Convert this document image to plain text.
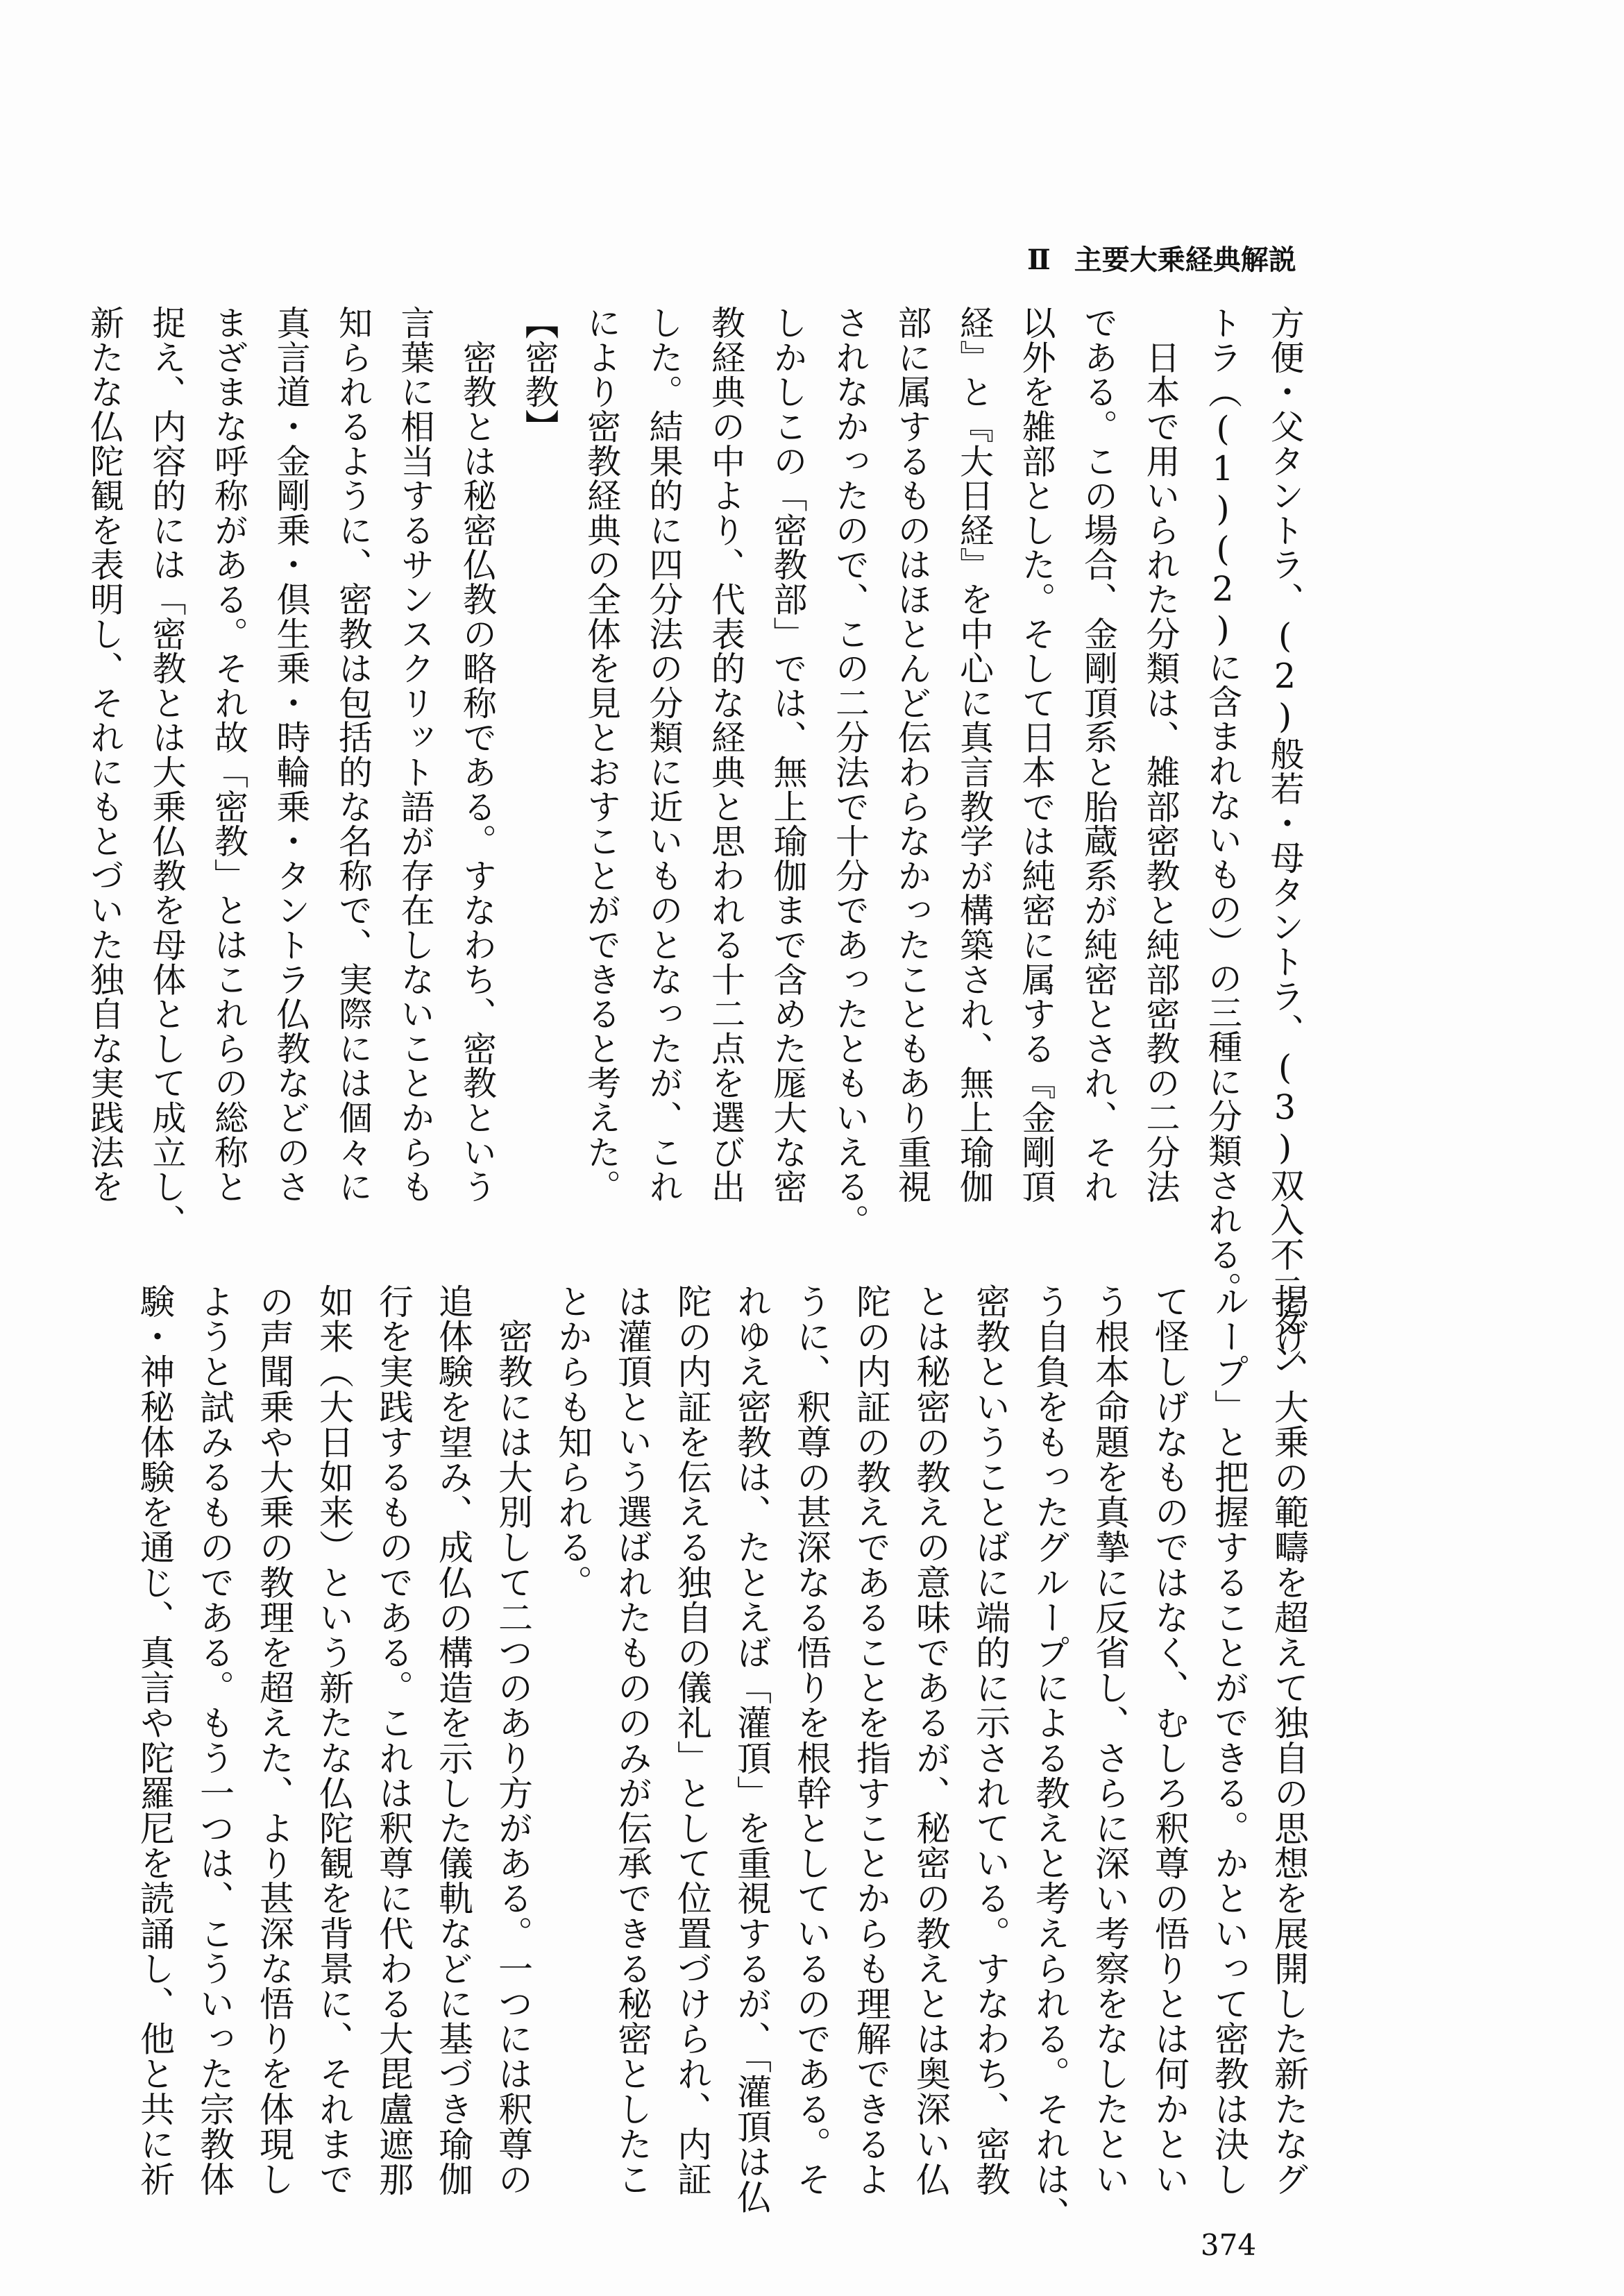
Ⅱ 主要大乗経典解説
方便・父タントラ、(2)般若・母タントラ、(3)双入不二タン
トラ（(1)(2)に含まれないもの）の三種に分類される。
　日本で用いられた分類は、雑部密教と純部密教の二分法
である。この場合、金剛頂系と胎蔵系が純密とされ、それ
以外を雑部とした。そして日本では純密に属する『金剛頂
経』と『大日経』を中心に真言教学が構築され、無上瑜伽
部に属するものはほとんど伝わらなかったこともあり重視
されなかったので、この二分法で十分であったともいえる。
しかしこの「密教部」では、無上瑜伽まで含めた厖大な密
教経典の中より、代表的な経典と思われる十二点を選び出
した。結果的に四分法の分類に近いものとなったが、これ
により密教経典の全体を見とおすことができると考えた。
【密教】
　密教とは秘密仏教の略称である。すなわち、密教という
言葉に相当するサンスクリット語が存在しないことからも
知られるように、密教は包括的な名称で、実際には個々に
真言道・金剛乗・倶生乗・時輪乗・タントラ仏教などのさ
まざまな呼称がある。それ故「密教」とはこれらの総称と
捉え、内容的には「密教とは大乗仏教を母体として成立し、
新たな仏陀観を表明し、それにもとづいた独自な実践法を
掲げ、大乗の範疇を超えて独自の思想を展開した新たなグ
ループ」と把握することができる。かといって密教は決し
て怪しげなものではなく、むしろ釈尊の悟りとは何かとい
う根本命題を真摯に反省し、さらに深い考察をなしたとい
う自負をもったグループによる教えと考えられる。それは、
密教ということばに端的に示されている。すなわち、密教
とは秘密の教えの意味であるが、秘密の教えとは奥深い仏
陀の内証の教えであることを指すことからも理解できるよ
うに、釈尊の甚深なる悟りを根幹としているのである。そ
れゆえ密教は、たとえば「灌頂」を重視するが、「灌頂は仏
陀の内証を伝える独自の儀礼」として位置づけられ、内証
は灌頂という選ばれたもののみが伝承できる秘密としたこ
とからも知られる。
　密教には大別して二つのあり方がある。一つには釈尊の
追体験を望み、成仏の構造を示した儀軌などに基づき瑜伽
行を実践するものである。これは釈尊に代わる大毘盧遮那
如来（大日如来）という新たな仏陀観を背景に、それまで
の声聞乗や大乗の教理を超えた、より甚深な悟りを体現し
ようと試みるものである。もう一つは、こういった宗教体
験・神秘体験を通じ、真言や陀羅尼を読誦し、他と共に祈
374
